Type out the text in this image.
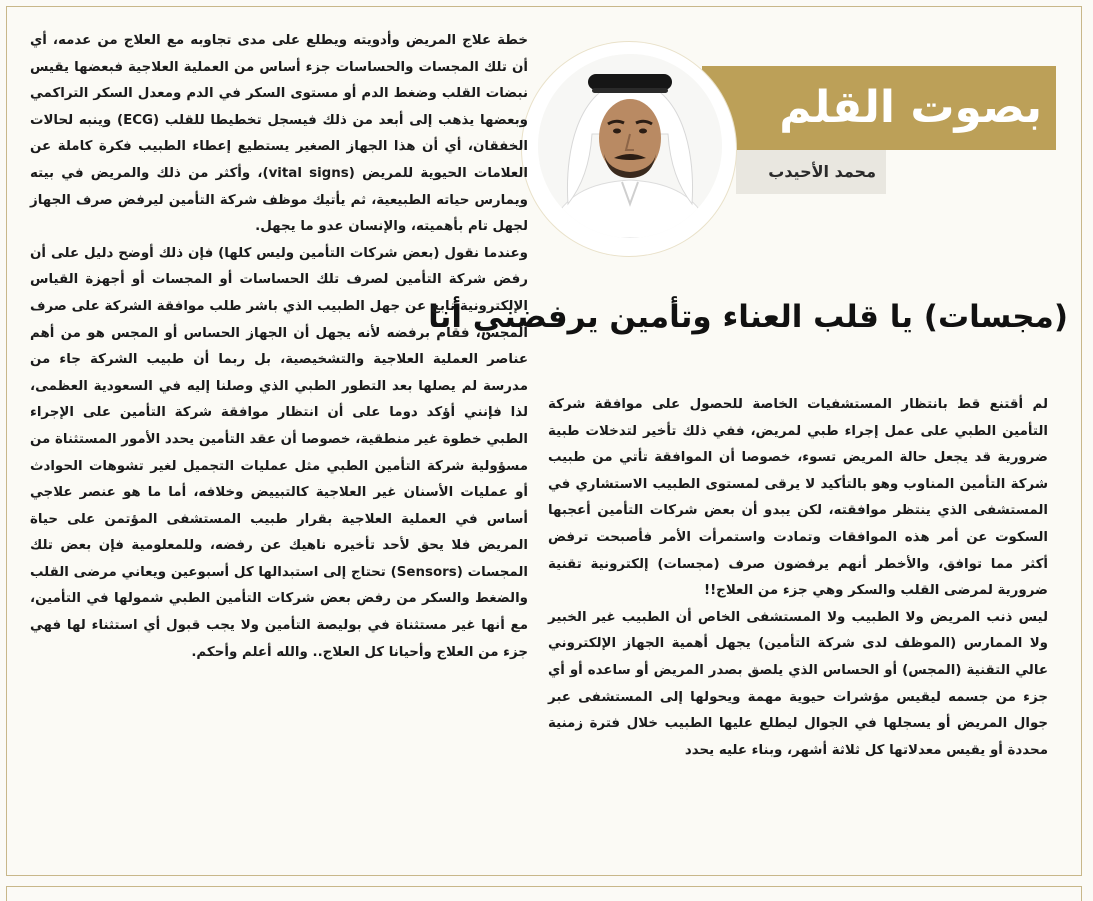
بصوت القلم
محمد الأحيدب
(مجسات) يا قلب العناء وتأمين يرفضني أنا

لم أقتنع قط بانتظار المستشفيات الخاصة للحصول على موافقة شركة التأمين الطبي على عمل إجراء طبي لمريض، ففي ذلك تأخير لتدخلات طبية ضرورية قد يجعل حالة المريض تسوء، خصوصا أن الموافقة تأتي من طبيب شركة التأمين المناوب وهو بالتأكيد لا يرقى لمستوى الطبيب الاستشاري في المستشفى الذي ينتظر موافقته، لكن يبدو أن بعض شركات التأمين أعجبها السكوت عن أمر هذه الموافقات وتمادت واستمرأت الأمر فأصبحت ترفض أكثر مما توافق، والأخطر أنهم يرفضون صرف (مجسات) إلكترونية تقنية ضرورية لمرضى القلب والسكر وهي جزء من العلاج!!

ليس ذنب المريض ولا الطبيب ولا المستشفى الخاص أن الطبيب غير الخبير ولا الممارس (الموظف لدى شركة التأمين) يجهل أهمية الجهاز الإلكتروني عالي التقنية (المجس) أو الحساس الذي يلصق بصدر المريض أو ساعده أو أي جزء من جسمه ليقيس مؤشرات حيوية مهمة ويحولها إلى المستشفى عبر جوال المريض أو يسجلها في الجوال ليطلع عليها الطبيب خلال فترة زمنية محددة أو يقيس معدلاتها كل ثلاثة أشهر، وبناء عليه يحدد

خطة علاج المريض وأدويته ويطلع على مدى تجاوبه مع العلاج من عدمه، أي أن تلك المجسات والحساسات جزء أساس من العملية العلاجية فبعضها يقيس نبضات القلب وضغط الدم أو مستوى السكر في الدم ومعدل السكر التراكمي وبعضها يذهب إلى أبعد من ذلك فيسجل تخطيطا للقلب (ECG) وينبه لحالات الخفقان، أي أن هذا الجهاز الصغير يستطيع إعطاء الطبيب فكرة كاملة عن العلامات الحيوية للمريض (vital signs)، وأكثر من ذلك والمريض في بيته ويمارس حياته الطبيعية، ثم يأتيك موظف شركة التأمين ليرفض صرف الجهاز لجهل تام بأهميته، والإنسان عدو ما يجهل.

وعندما نقول (بعض شركات التأمين وليس كلها) فإن ذلك أوضح دليل على أن رفض شركة التأمين لصرف تلك الحساسات أو المجسات أو أجهزة القياس الإلكترونية نابع عن جهل الطبيب الذي باشر طلب موافقة الشركة على صرف المجس، فقام برفضه لأنه يجهل أن الجهاز الحساس أو المجس هو من أهم عناصر العملية العلاجية والتشخيصية، بل ربما أن طبيب الشركة جاء من مدرسة لم يصلها بعد التطور الطبي الذي وصلنا إليه في السعودية العظمى، لذا فإنني أؤكد دوما على أن انتظار موافقة شركة التأمين على الإجراء الطبي خطوة غير منطقية، خصوصا أن عقد التأمين يحدد الأمور المستثناة من مسؤولية شركة التأمين الطبي مثل عمليات التجميل لغير تشوهات الحوادث أو عمليات الأسنان غير العلاجية كالتبييض وخلافه، أما ما هو عنصر علاجي أساس في العملية العلاجية بقرار طبيب المستشفى المؤتمن على حياة المريض فلا يحق لأحد تأخيره ناهيك عن رفضه، وللمعلومية فإن بعض تلك المجسات (Sensors) تحتاج إلى استبدالها كل أسبوعين ويعاني مرضى القلب والضغط والسكر من رفض بعض شركات التأمين الطبي شمولها في التأمين، مع أنها غير مستثناة في بوليصة التأمين ولا يجب قبول أي استثناء لها فهي جزء من العلاج وأحيانا كل العلاج.. والله أعلم وأحكم.
